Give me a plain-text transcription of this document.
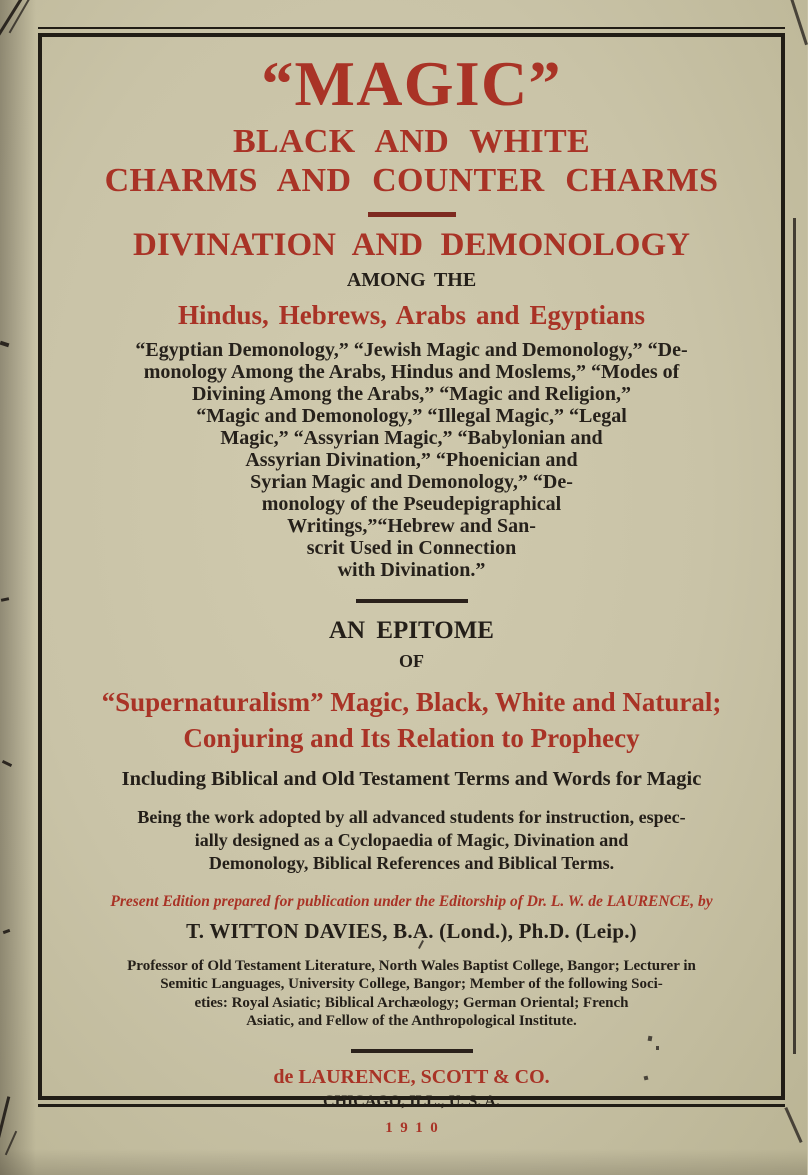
“MAGIC”
BLACK AND WHITE
CHARMS AND COUNTER CHARMS
DIVINATION AND DEMONOLOGY
AMONG THE
Hindus, Hebrews, Arabs and Egyptians
“Egyptian Demonology,” “Jewish Magic and Demonology,” “De-
monology Among the Arabs, Hindus and Moslems,” “Modes of
Divining Among the Arabs,” “Magic and Religion,”
“Magic and Demonology,” “Illegal Magic,” “Legal
Magic,” “Assyrian Magic,” “Babylonian and
Assyrian Divination,” “Phoenician and
Syrian Magic and Demonology,” “De-
monology of the Pseudepigraphical
Writings,”“Hebrew and San-
scrit Used in Connection
with Divination.”
AN EPITOME
OF
“Supernaturalism” Magic, Black, White and Natural;
Conjuring and Its Relation to Prophecy
Including Biblical and Old Testament Terms and Words for Magic
Being the work adopted by all advanced students for instruction, espec-
ially designed as a Cyclopaedia of Magic, Divination and
Demonology, Biblical References and Biblical Terms.
Present Edition prepared for publication under the Editorship of Dr. L. W. de LAURENCE, by
T. WITTON DAVIES, B.A. (Lond.), Ph.D. (Leip.)
Professor of Old Testament Literature, North Wales Baptist College, Bangor; Lecturer in
Semitic Languages, University College, Bangor; Member of the following Soci-
eties: Royal Asiatic; Biblical Archæology; German Oriental; French
Asiatic, and Fellow of the Anthropological Institute.
de LAURENCE, SCOTT & CO.
CHICAGO, ILL., U. S. A.
1910
